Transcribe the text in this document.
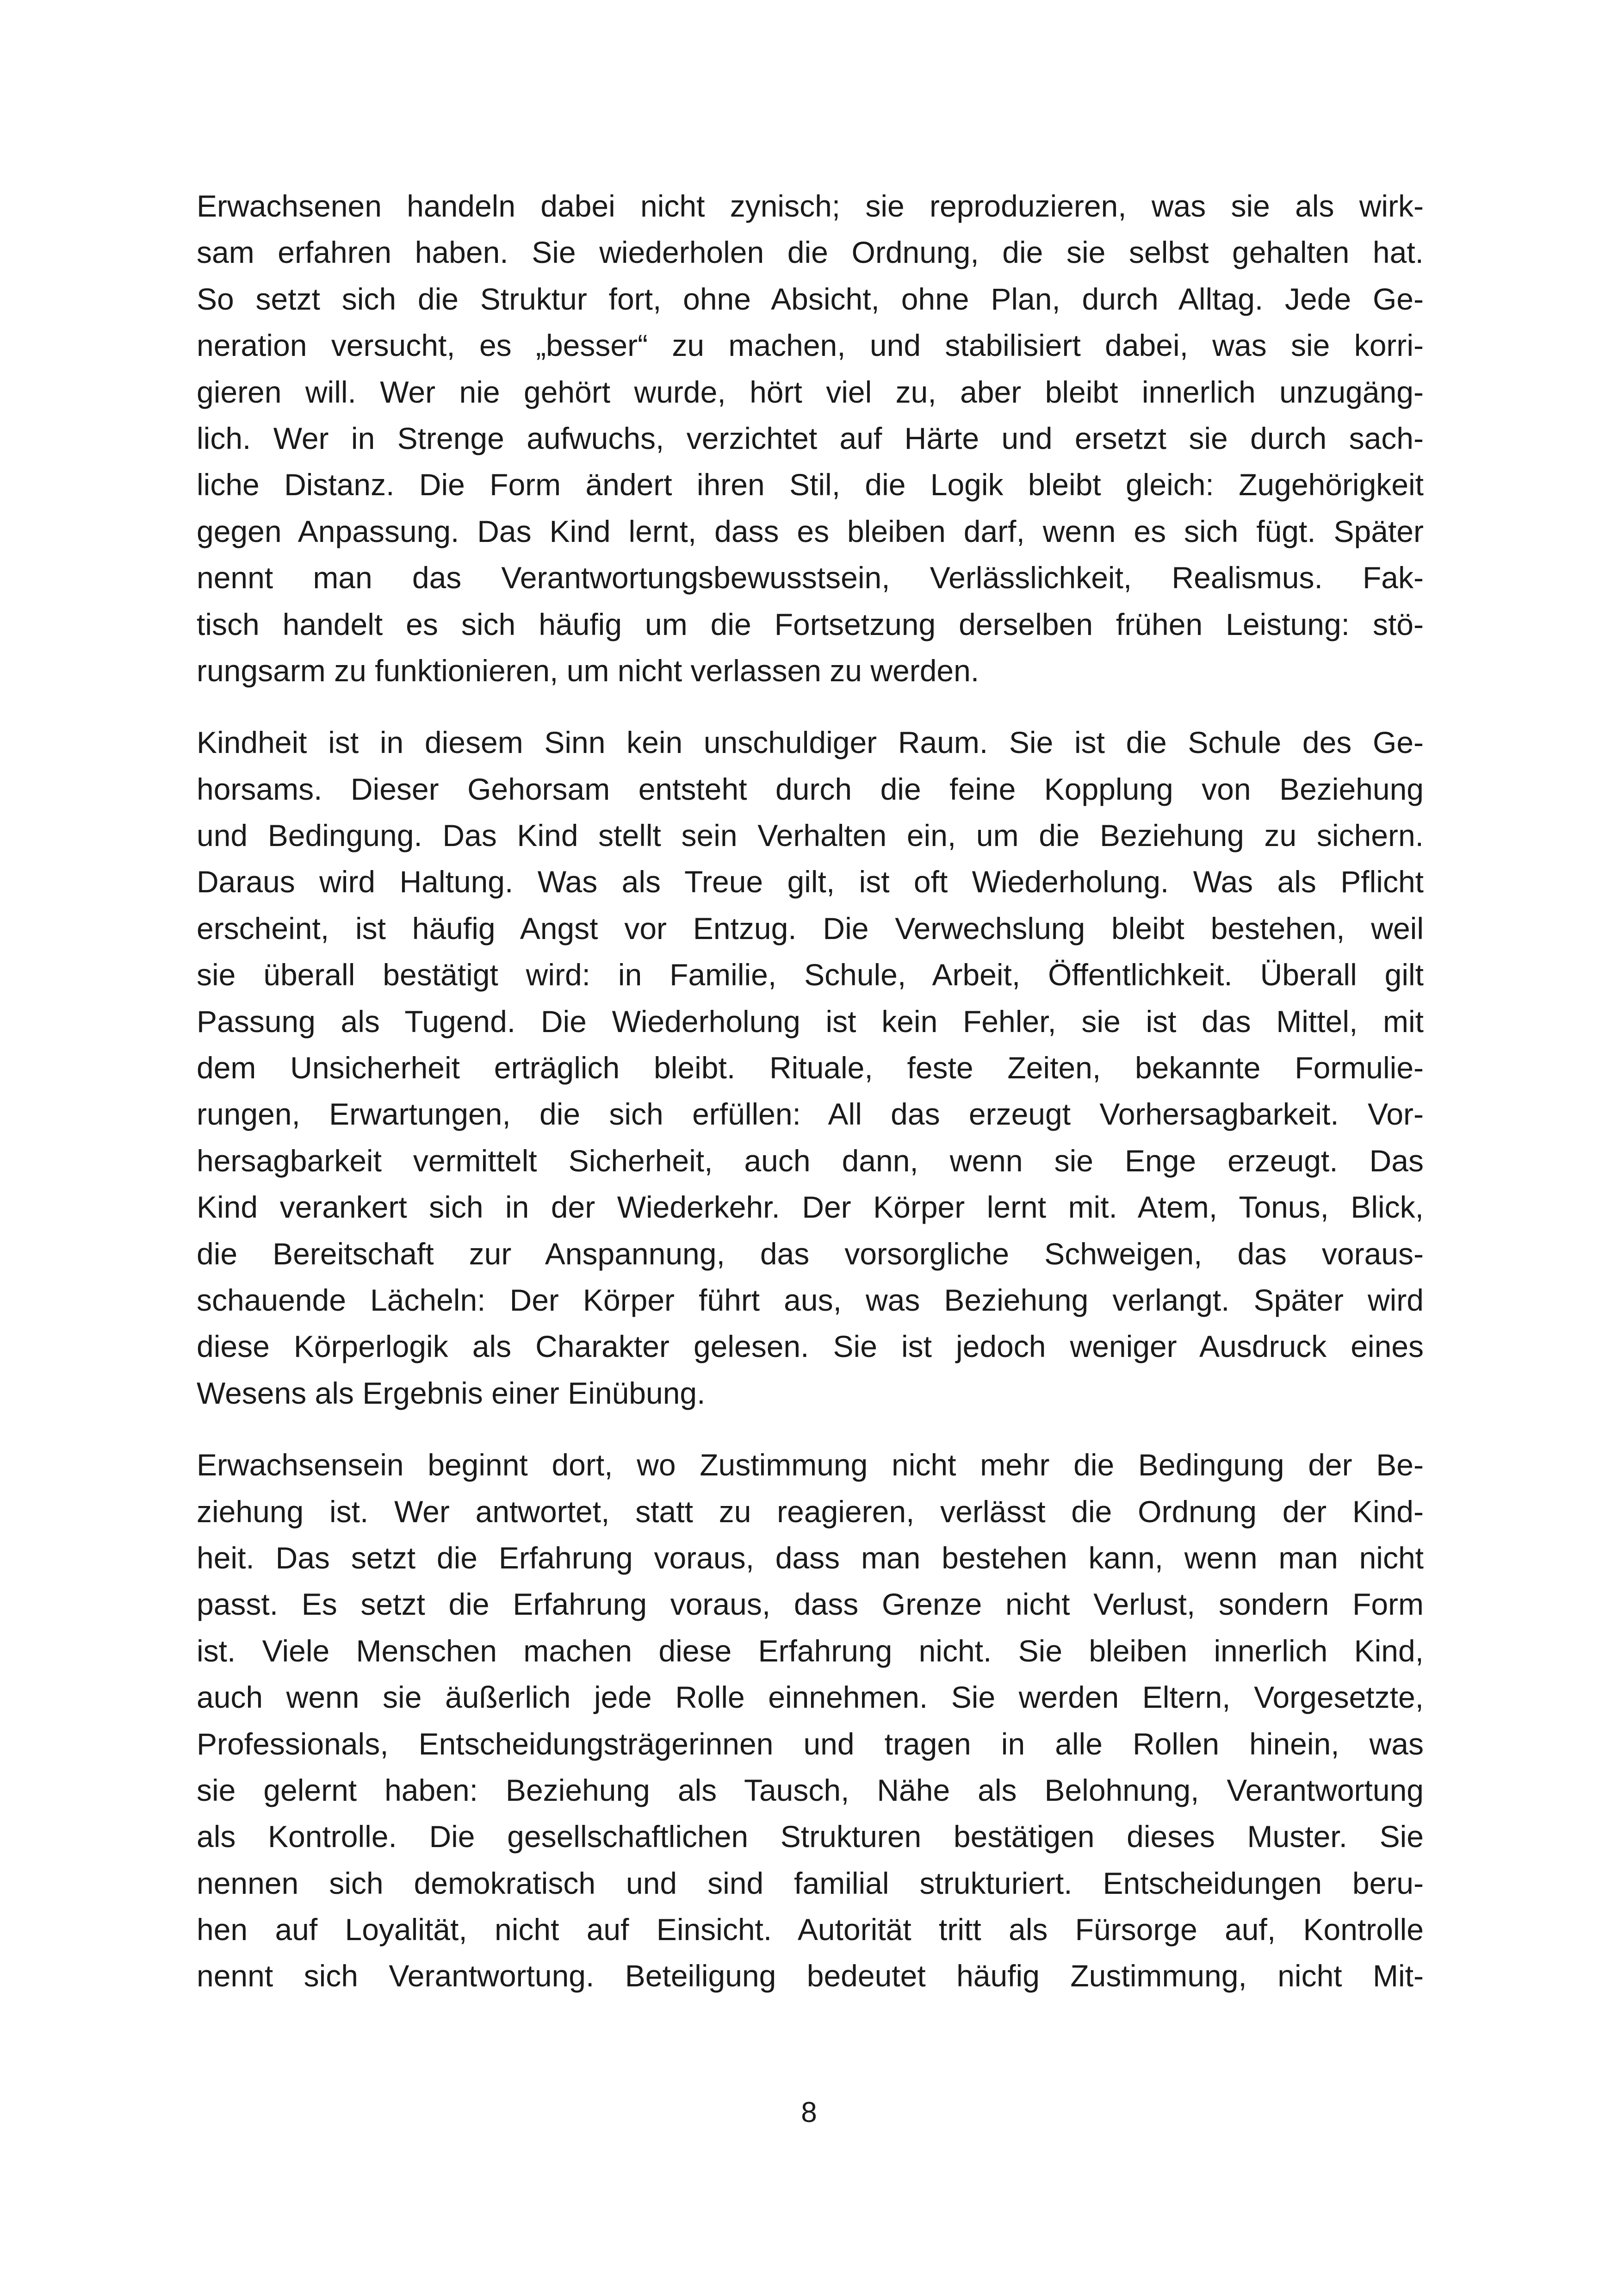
Erwachsenen handeln dabei nicht zynisch; sie reproduzieren, was sie als wirk-
sam erfahren haben. Sie wiederholen die Ordnung, die sie selbst gehalten hat.
So setzt sich die Struktur fort, ohne Absicht, ohne Plan, durch Alltag. Jede Ge-
neration versucht, es „besser“ zu machen, und stabilisiert dabei, was sie korri-
gieren will. Wer nie gehört wurde, hört viel zu, aber bleibt innerlich unzugäng-
lich. Wer in Strenge aufwuchs, verzichtet auf Härte und ersetzt sie durch sach-
liche Distanz. Die Form ändert ihren Stil, die Logik bleibt gleich: Zugehörigkeit
gegen Anpassung. Das Kind lernt, dass es bleiben darf, wenn es sich fügt. Später
nennt man das Verantwortungsbewusstsein, Verlässlichkeit, Realismus. Fak-
tisch handelt es sich häufig um die Fortsetzung derselben frühen Leistung: stö-
rungsarm zu funktionieren, um nicht verlassen zu werden.
Kindheit ist in diesem Sinn kein unschuldiger Raum. Sie ist die Schule des Ge-
horsams. Dieser Gehorsam entsteht durch die feine Kopplung von Beziehung
und Bedingung. Das Kind stellt sein Verhalten ein, um die Beziehung zu sichern.
Daraus wird Haltung. Was als Treue gilt, ist oft Wiederholung. Was als Pflicht
erscheint, ist häufig Angst vor Entzug. Die Verwechslung bleibt bestehen, weil
sie überall bestätigt wird: in Familie, Schule, Arbeit, Öffentlichkeit. Überall gilt
Passung als Tugend. Die Wiederholung ist kein Fehler, sie ist das Mittel, mit
dem Unsicherheit erträglich bleibt. Rituale, feste Zeiten, bekannte Formulie-
rungen, Erwartungen, die sich erfüllen: All das erzeugt Vorhersagbarkeit. Vor-
hersagbarkeit vermittelt Sicherheit, auch dann, wenn sie Enge erzeugt. Das
Kind verankert sich in der Wiederkehr. Der Körper lernt mit. Atem, Tonus, Blick,
die Bereitschaft zur Anspannung, das vorsorgliche Schweigen, das voraus-
schauende Lächeln: Der Körper führt aus, was Beziehung verlangt. Später wird
diese Körperlogik als Charakter gelesen. Sie ist jedoch weniger Ausdruck eines
Wesens als Ergebnis einer Einübung.
Erwachsensein beginnt dort, wo Zustimmung nicht mehr die Bedingung der Be-
ziehung ist. Wer antwortet, statt zu reagieren, verlässt die Ordnung der Kind-
heit. Das setzt die Erfahrung voraus, dass man bestehen kann, wenn man nicht
passt. Es setzt die Erfahrung voraus, dass Grenze nicht Verlust, sondern Form
ist. Viele Menschen machen diese Erfahrung nicht. Sie bleiben innerlich Kind,
auch wenn sie äußerlich jede Rolle einnehmen. Sie werden Eltern, Vorgesetzte,
Professionals, Entscheidungsträgerinnen und tragen in alle Rollen hinein, was
sie gelernt haben: Beziehung als Tausch, Nähe als Belohnung, Verantwortung
als Kontrolle. Die gesellschaftlichen Strukturen bestätigen dieses Muster. Sie
nennen sich demokratisch und sind familial strukturiert. Entscheidungen beru-
hen auf Loyalität, nicht auf Einsicht. Autorität tritt als Fürsorge auf, Kontrolle
nennt sich Verantwortung. Beteiligung bedeutet häufig Zustimmung, nicht Mit-
8
